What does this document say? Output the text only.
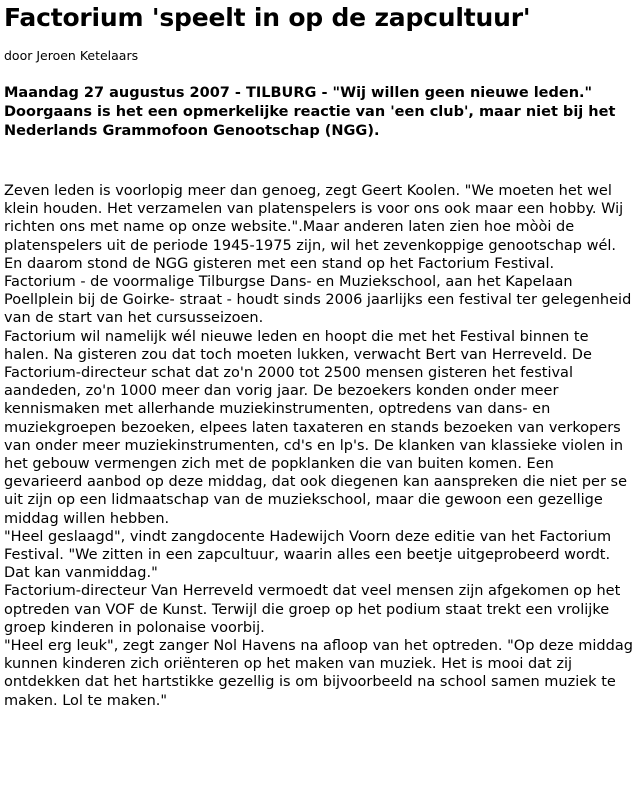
Factorium 'speelt in op de zapcultuur'

door Jeroen Ketelaars

Maandag 27 augustus 2007 - TILBURG - "Wij willen geen nieuwe leden." Doorgaans is het een opmerkelijke reactie van 'een club', maar niet bij het Nederlands Grammofoon Genootschap (NGG).

Zeven leden is voorlopig meer dan genoeg, zegt Geert Koolen. "We moeten het wel klein houden. Het verzamelen van platenspelers is voor ons ook maar een hobby. Wij richten ons met name op onze website.".Maar anderen laten zien hoe mòòi de platenspelers uit de periode 1945-1975 zijn, wil het zevenkoppige genootschap wél. En daarom stond de NGG gisteren met een stand op het Factorium Festival.

Factorium - de voormalige Tilburgse Dans- en Muziekschool, aan het Kapelaan Poellplein bij de Goirke- straat - houdt sinds 2006 jaarlijks een festival ter gelegenheid van de start van het cursusseizoen.

Factorium wil namelijk wél nieuwe leden en hoopt die met het Festival binnen te halen. Na gisteren zou dat toch moeten lukken, verwacht Bert van Herreveld. De Factorium-directeur schat dat zo'n 2000 tot 2500 mensen gisteren het festival aandeden, zo'n 1000 meer dan vorig jaar. De bezoekers konden onder meer kennismaken met allerhande muziekinstrumenten, optredens van dans- en muziekgroepen bezoeken, elpees laten taxateren en stands bezoeken van verkopers van onder meer muziekinstrumenten, cd's en lp's. De klanken van klassieke violen in het gebouw vermengen zich met de popklanken die van buiten komen. Een gevarieerd aanbod op deze middag, dat ook diegenen kan aanspreken die niet per se uit zijn op een lidmaatschap van de muziekschool, maar die gewoon een gezellige middag willen hebben.

"Heel geslaagd", vindt zangdocente Hadewijch Voorn deze editie van het Factorium Festival. "We zitten in een zapcultuur, waarin alles een beetje uitgeprobeerd wordt. Dat kan vanmiddag."

Factorium-directeur Van Herreveld vermoedt dat veel mensen zijn afgekomen op het optreden van VOF de Kunst. Terwijl die groep op het podium staat trekt een vrolijke groep kinderen in polonaise voorbij.

"Heel erg leuk", zegt zanger Nol Havens na afloop van het optreden. "Op deze middag kunnen kinderen zich oriënteren op het maken van muziek. Het is mooi dat zij ontdekken dat het hartstikke gezellig is om bijvoorbeeld na school samen muziek te maken. Lol te maken."
